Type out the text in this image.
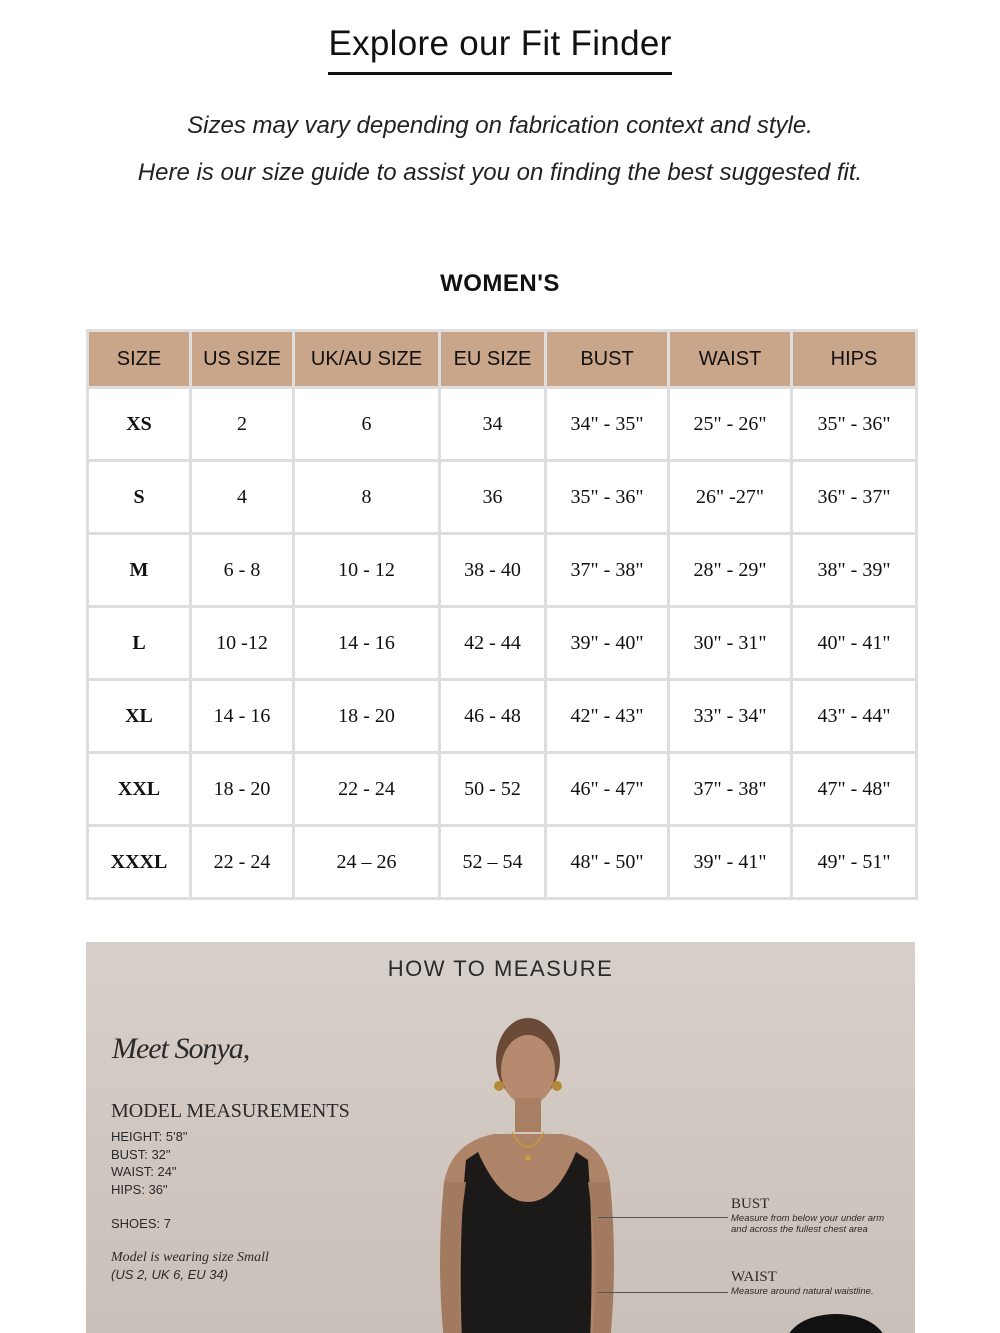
Explore our Fit Finder
Sizes may vary depending on fabrication context and style.
Here is our size guide to assist you on finding the best suggested fit.
WOMEN'S
SIZE	US SIZE	UK/AU SIZE	EU SIZE	BUST	WAIST	HIPS
XS	2	6	34	34" - 35"	25" - 26"	35" - 36"
S	4	8	36	35" - 36"	26" -27"	36" - 37"
M	6 - 8	10 - 12	38 - 40	37" - 38"	28" - 29"	38" - 39"
L	10 -12	14 - 16	42 - 44	39" - 40"	30" - 31"	40" - 41"
XL	14 - 16	18 - 20	46 - 48	42" - 43"	33" - 34"	43" - 44"
XXL	18 - 20	22 - 24	50 - 52	46" - 47"	37" - 38"	47" - 48"
XXXL	22 - 24	24 – 26	52 – 54	48" - 50"	39" - 41"	49" - 51"
HOW TO MEASURE
Meet Sonya,
MODEL MEASUREMENTS
HEIGHT: 5'8"
BUST: 32"
WAIST: 24"
HIPS: 36"
SHOES: 7
Model is wearing size Small
(US 2, UK 6, EU 34)
BUST
Measure from below your under arm and across the fullest chest area
WAIST
Measure around natural waistline.
